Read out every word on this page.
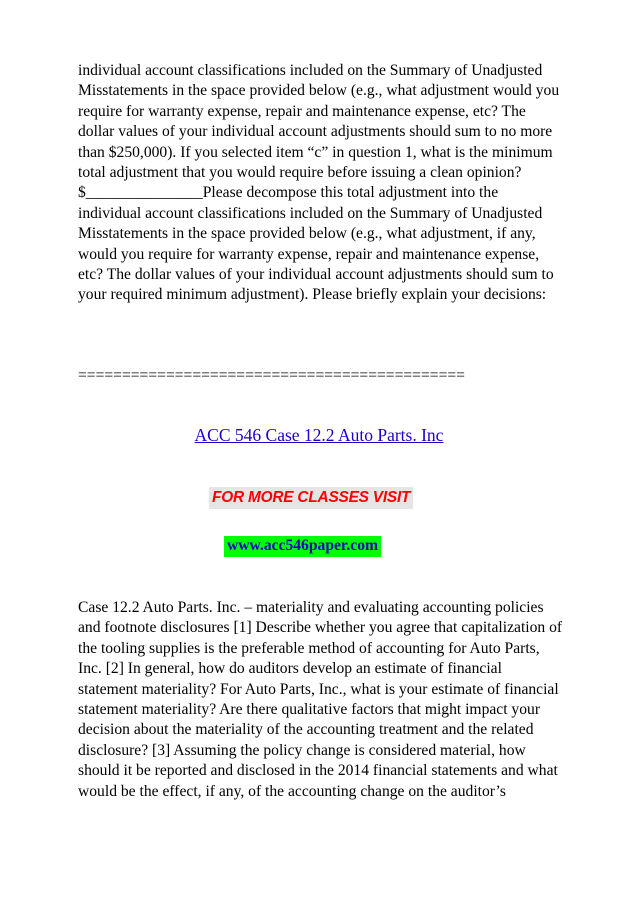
individual account classifications included on the Summary of Unadjusted Misstatements in the space provided below (e.g., what adjustment would you require for warranty expense, repair and maintenance expense, etc? The dollar values of your individual account adjustments should sum to no more than $250,000). If you selected item “c” in question 1, what is the minimum total adjustment that you would require before issuing a clean opinion? $_______________Please decompose this total adjustment into the individual account classifications included on the Summary of Unadjusted Misstatements in the space provided below (e.g., what adjustment, if any, would you require for warranty expense, repair and maintenance expense, etc? The dollar values of your individual account adjustments should sum to your required minimum adjustment). Please briefly explain your decisions:
============================================
ACC 546 Case 12.2 Auto Parts. Inc
FOR MORE CLASSES VISIT
www.acc546paper.com
Case 12.2 Auto Parts. Inc. – materiality and evaluating accounting policies and footnote disclosures [1] Describe whether you agree that capitalization of the tooling supplies is the preferable method of accounting for Auto Parts, Inc. [2] In general, how do auditors develop an estimate of financial statement materiality? For Auto Parts, Inc., what is your estimate of financial statement materiality? Are there qualitative factors that might impact your decision about the materiality of the accounting treatment and the related disclosure? [3] Assuming the policy change is considered material, how should it be reported and disclosed in the 2014 financial statements and what would be the effect, if any, of the accounting change on the auditor’s
